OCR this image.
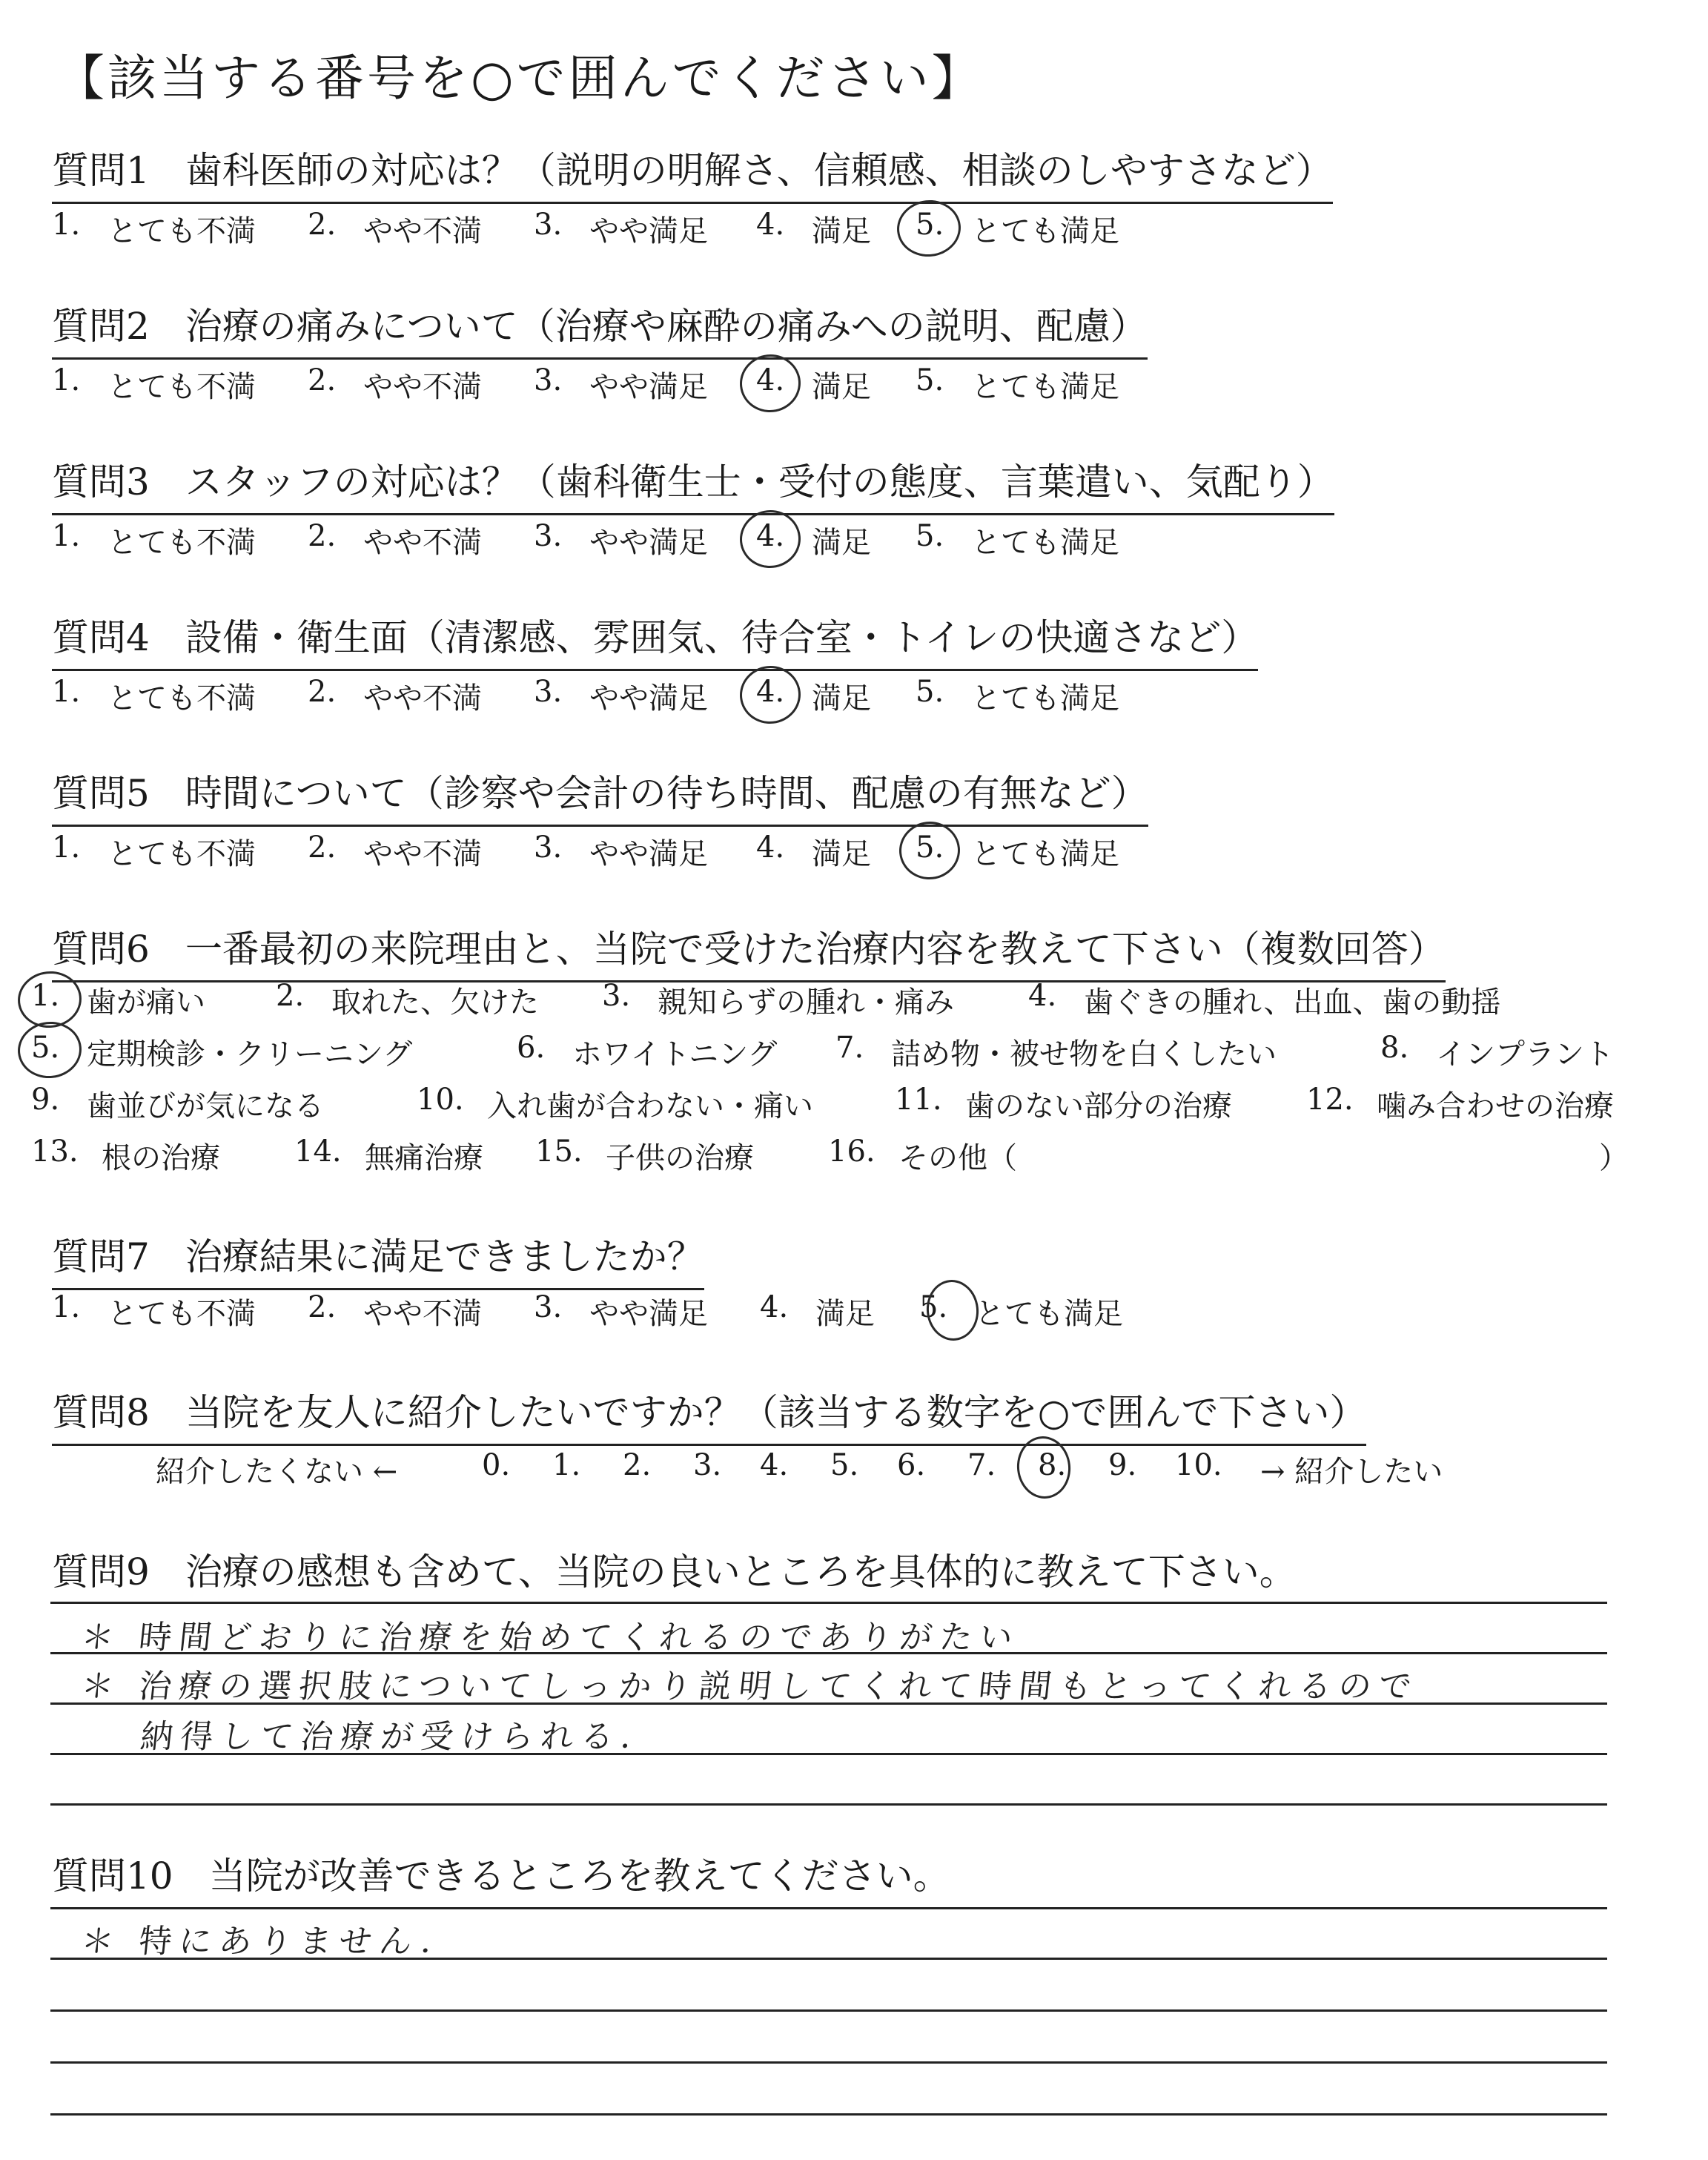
【該当する番号を○で囲んでください】
質問1 歯科医師の対応は？（説明の明解さ、信頼感、相談のしやすさなど）
1. とても不満 2. やや不満 3. やや満足 4. 満足 5. とても満足
質問2 治療の痛みについて（治療や麻酔の痛みへの説明、配慮）
1. とても不満 2. やや不満 3. やや満足 4. 満足 5. とても満足
質問3 スタッフの対応は？（歯科衛生士・受付の態度、言葉遣い、気配り）
1. とても不満 2. やや不満 3. やや満足 4. 満足 5. とても満足
質問4 設備・衛生面（清潔感、雰囲気、待合室・トイレの快適さなど）
1. とても不満 2. やや不満 3. やや満足 4. 満足 5. とても満足
質問5 時間について（診察や会計の待ち時間、配慮の有無など）
1. とても不満 2. やや不満 3. やや満足 4. 満足 5. とても満足
質問6 一番最初の来院理由と、当院で受けた治療内容を教えて下さい（複数回答）
1. 歯が痛い 2. 取れた、欠けた 3. 親知らずの腫れ・痛み	4. 歯ぐきの腫れ、出血、歯の動揺
5. 定期検診・クリーニング	6. ホワイトニング 7. 詰め物・被せ物を白くしたい	8. インプラント
9. 歯並びが気になる	10. 入れ歯が合わない・痛い	11. 歯のない部分の治療	12. 噛み合わせの治療
13. 根の治療	14. 無痛治療 15. 子供の治療	16. その他（	）
質問7 治療結果に満足できましたか？
1. とても不満 2. やや不満 3. やや満足 4. 満足 5. とても満足
質問8 当院を友人に紹介したいですか？（該当する数字を○で囲んで下さい）
紹介したくない ←	0. 1. 2. 3. 4. 5. 6. 7. 8. 9. 10. → 紹介したい
質問9 治療の感想も含めて、当院の良いところを具体的に教えて下さい。
＊ 時間どおりに治療を始めてくれるのでありがたい
＊ 治療の選択肢についてしっかり説明してくれて時間もとってくれるので
納得して治療が受けられる．
質問10 当院が改善できるところを教えてください。
＊ 特にありません．
